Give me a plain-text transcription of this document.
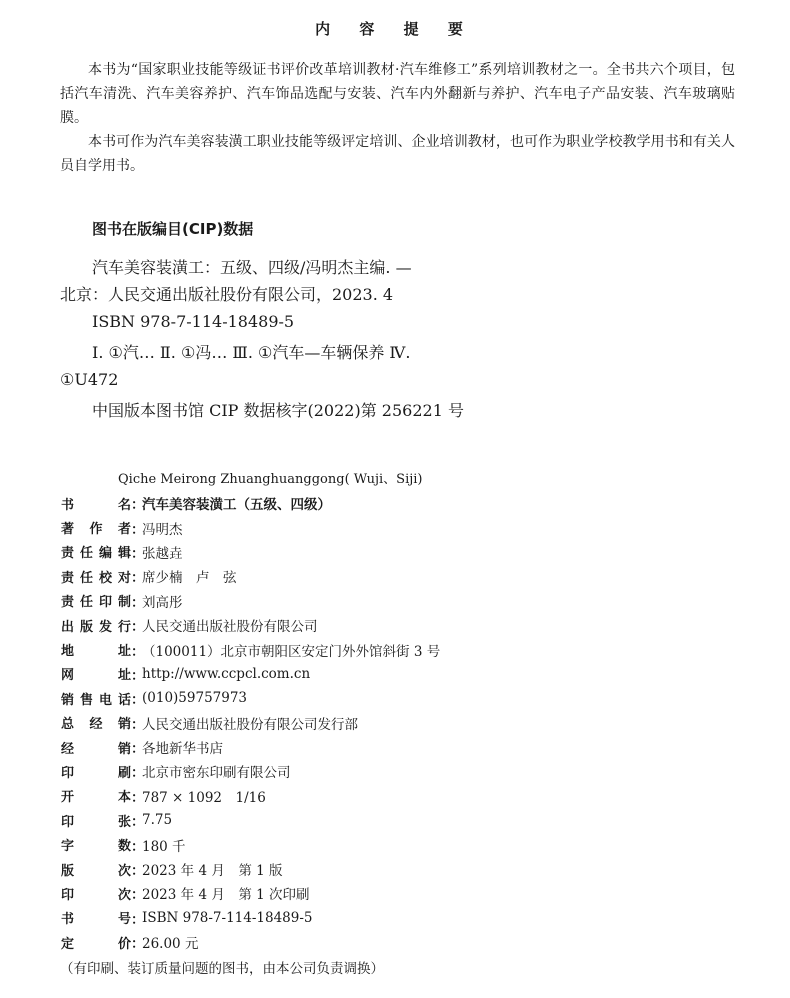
内 容 提 要

本书为“国家职业技能等级证书评价改革培训教材·汽车维修工”系列培训教材之一。全书共六个项目，包括汽车清洗、汽车美容养护、汽车饰品选配与安装、汽车内外翻新与养护、汽车电子产品安装、汽车玻璃贴膜。

本书可作为汽车美容装潢工职业技能等级评定培训、企业培训教材，也可作为职业学校教学用书和有关人员自学用书。

图书在版编目(CIP)数据
汽车美容装潢工：五级、四级/冯明杰主编. —
北京：人民交通出版社股份有限公司，2023. 4
ISBN 978-7-114-18489-5
Ⅰ. ①汽… Ⅱ. ①冯… Ⅲ. ①汽车—车辆保养 Ⅳ.
①U472
中国版本图书馆 CIP 数据核字(2022)第 256221 号
Qiche Meirong Zhuanghuanggong( Wuji、Siji)
书	名 ：
汽车美容装潢工（五级、四级）
著 作 者 ：
冯明杰
责 任 编 辑 ：
张越垚
责 任 校 对 ：
席少楠　卢　弦
责 任 印 制 ：
刘高彤
出 版 发 行 ：
人民交通出版社股份有限公司
地	址 ：
（100011）北京市朝阳区安定门外外馆斜街 3 号
网	址 ：
http://www.ccpcl.com.cn
销 售 电 话 ：
(010)59757973
总 经 销 ：
人民交通出版社股份有限公司发行部
经	销 ：
各地新华书店
印	刷 ：
北京市密东印刷有限公司
开	本 ：
787 × 1092　1/16
印	张 ：
7.75
字	数 ：
180 千
版	次 ：
2023 年 4 月　第 1 版
印	次 ：
2023 年 4 月　第 1 次印刷
书	号 ：
ISBN 978-7-114-18489-5
定	价 ：
26.00 元
（有印刷、装订质量问题的图书，由本公司负责调换）
